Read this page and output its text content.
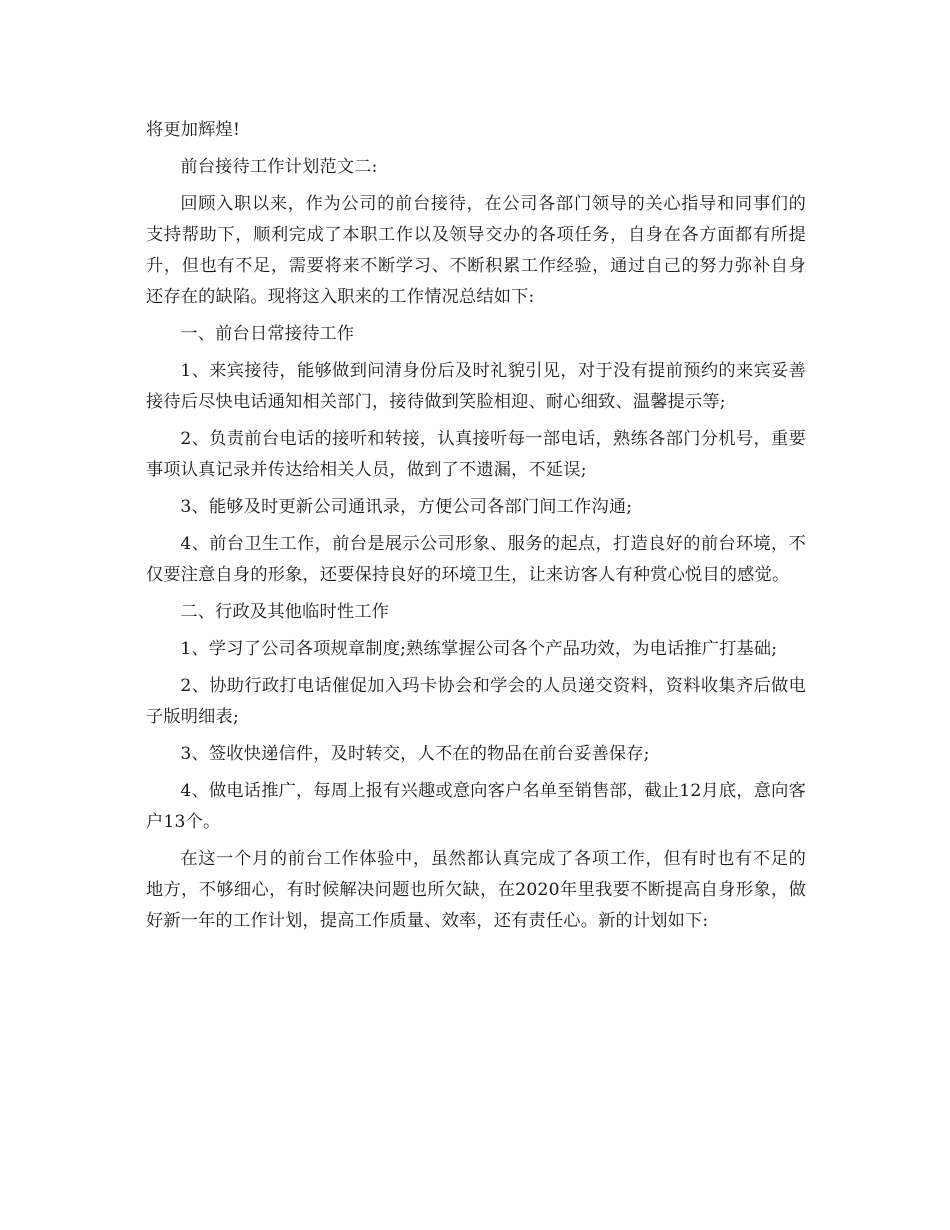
将更加辉煌!

前台接待工作计划范文二:

回顾入职以来，作为公司的前台接待，在公司各部门领导的关心指导和同事们的支持帮助下，顺利完成了本职工作以及领导交办的各项任务，自身在各方面都有所提升，但也有不足，需要将来不断学习、不断积累工作经验，通过自己的努力弥补自身还存在的缺陷。现将这入职来的工作情况总结如下:

一、前台日常接待工作

1、来宾接待，能够做到问清身份后及时礼貌引见，对于没有提前预约的来宾妥善接待后尽快电话通知相关部门，接待做到笑脸相迎、耐心细致、温馨提示等;

2、负责前台电话的接听和转接，认真接听每一部电话，熟练各部门分机号，重要事项认真记录并传达给相关人员，做到了不遗漏，不延误;

3、能够及时更新公司通讯录，方便公司各部门间工作沟通;

4、前台卫生工作，前台是展示公司形象、服务的起点，打造良好的前台环境，不仅要注意自身的形象，还要保持良好的环境卫生，让来访客人有种赏心悦目的感觉。

二、行政及其他临时性工作

1、学习了公司各项规章制度;熟练掌握公司各个产品功效，为电话推广打基础;

2、协助行政打电话催促加入玛卡协会和学会的人员递交资料，资料收集齐后做电子版明细表;

3、签收快递信件，及时转交，人不在的物品在前台妥善保存;

4、做电话推广，每周上报有兴趣或意向客户名单至销售部，截止12月底，意向客户13个。

在这一个月的前台工作体验中，虽然都认真完成了各项工作，但有时也有不足的地方，不够细心，有时候解决问题也所欠缺，在2020年里我要不断提高自身形象，做好新一年的工作计划，提高工作质量、效率，还有责任心。新的计划如下:
